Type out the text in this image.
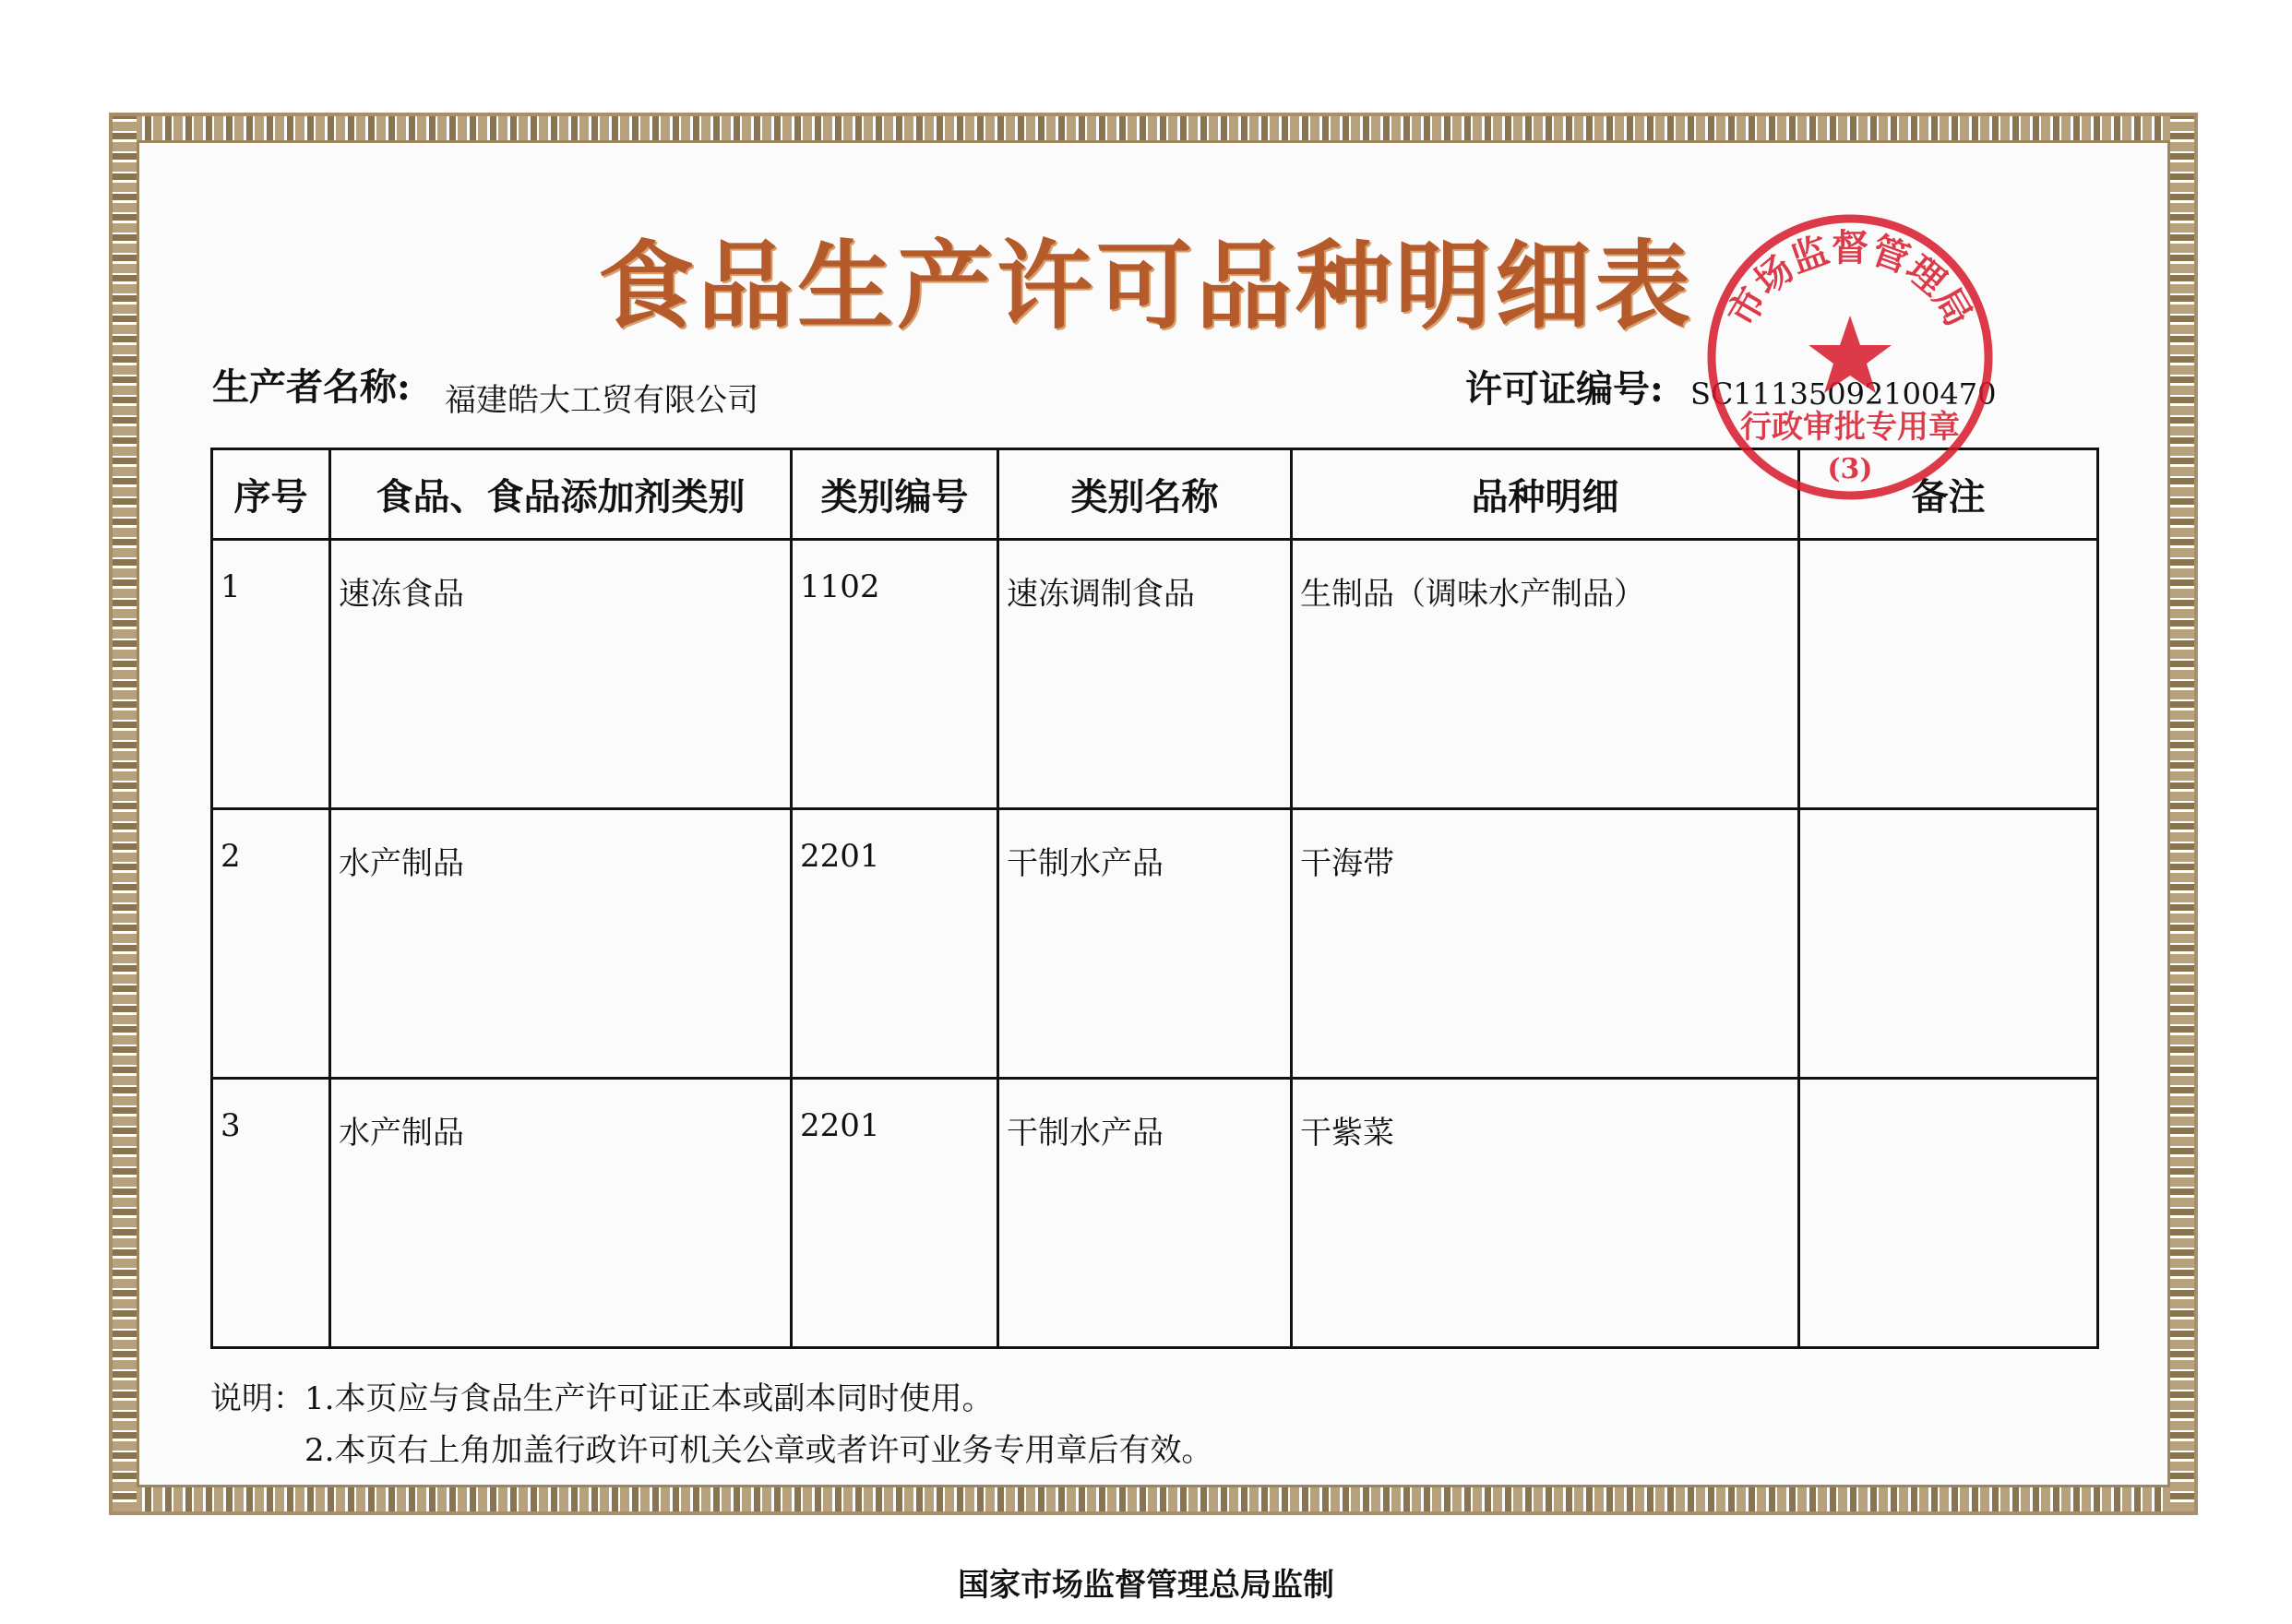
食品生产许可品种明细表
生产者名称: 福建皓大工贸有限公司	许可证编号: SC11135092100470
序号	食品、食品添加剂类别	类别编号	类别名称	品种明细	备注
1	速冻食品	1102	速冻调制食品	生制品（调味水产制品）	
2	水产制品	2201	干制水产品	干海带	
3	水产制品	2201	干制水产品	干紫菜	
说明：1.本页应与食品生产许可证正本或副本同时使用。
2.本页右上角加盖行政许可机关公章或者许可业务专用章后有效。
国家市场监督管理总局监制
市场监督管理局
行政审批专用章
(3)
